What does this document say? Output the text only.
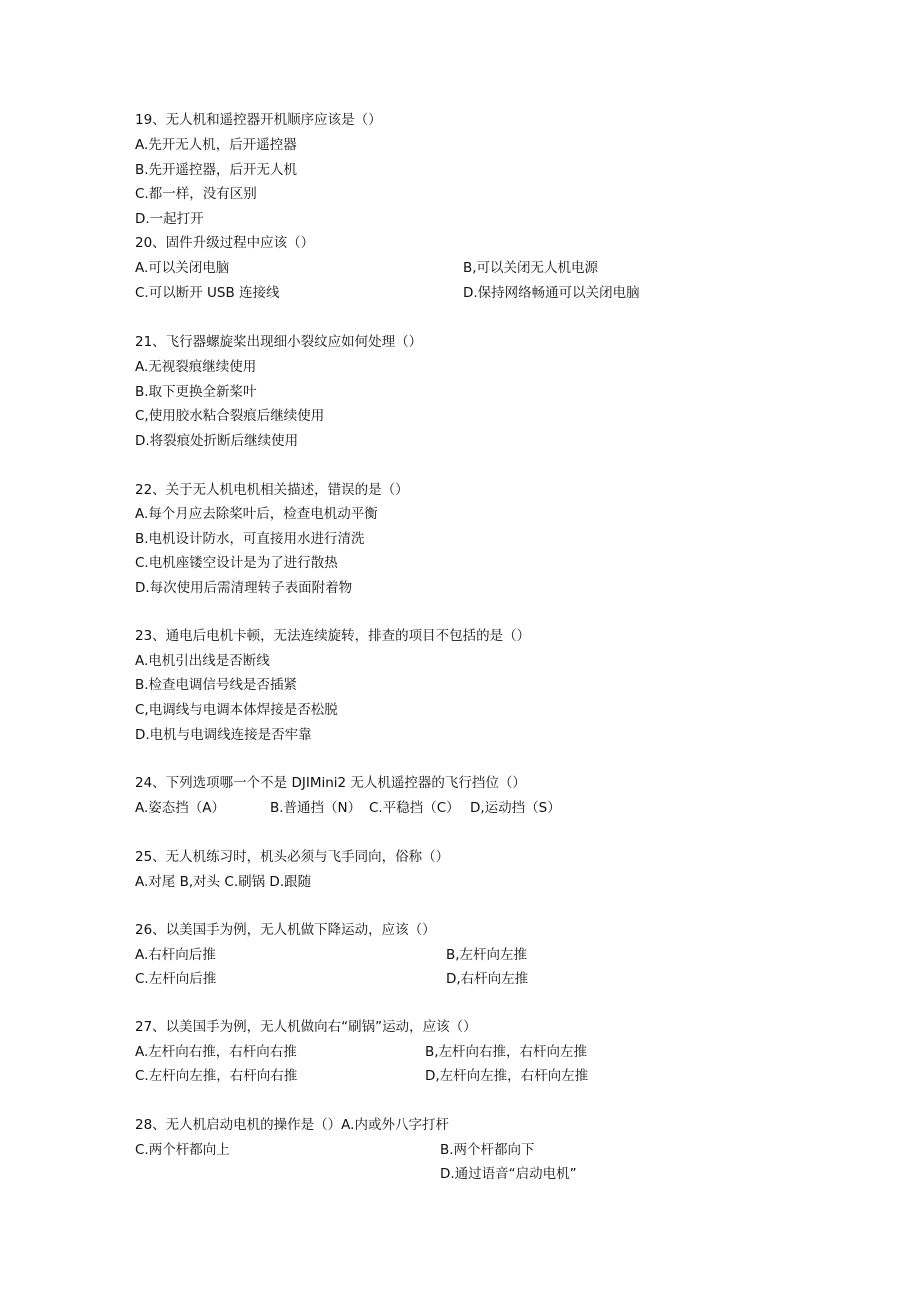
19、无人机和遥控器开机顺序应该是（）
A.先开无人机，后开遥控器
B.先开遥控器，后开无人机
C.都一样，没有区别
D.一起打开
20、固件升级过程中应该（）
A.可以关闭电脑	B,可以关闭无人机电源
C.可以断开 USB 连接线	D.保持网络畅通可以关闭电脑
21、飞行器螺旋桨出现细小裂纹应如何处理（）
A.无视裂痕继续使用
B.取下更换全新桨叶
C,使用胶水粘合裂痕后继续使用
D.将裂痕处折断后继续使用
22、关于无人机电机相关描述，错误的是（）
A.每个月应去除桨叶后，检查电机动平衡
B.电机设计防水，可直接用水进行清洗
C.电机座镂空设计是为了进行散热
D.每次使用后需清理转子表面附着物
23、通电后电机卡顿，无法连续旋转，排查的项目不包括的是（）
A.电机引出线是否断线
B.检查电调信号线是否插紧
C,电调线与电调本体焊接是否松脱
D.电机与电调线连接是否牢靠
24、下列选项哪一个不是 DJIMini2 无人机遥控器的飞行挡位（）
A.姿态挡（A）	B.普通挡（N） C.平稳挡（C） D,运动挡（S）
25、无人机练习时，机头必须与飞手同向，俗称（）
A.对尾 B,对头 C.刷锅 D.跟随
26、以美国手为例，无人机做下降运动，应该（）
A.右杆向后推	B,左杆向左推
C.左杆向后推	D,右杆向左推
27、以美国手为例，无人机做向右“刷锅”运动，应该（）
A.左杆向右推，右杆向右推	B,左杆向右推，右杆向左推
C.左杆向左推，右杆向右推	D,左杆向左推，右杆向左推
28、无人机启动电机的操作是（）A.内或外八字打杆
C.两个杆都向上	B.两个杆都向下
D.通过语音“启动电机”
